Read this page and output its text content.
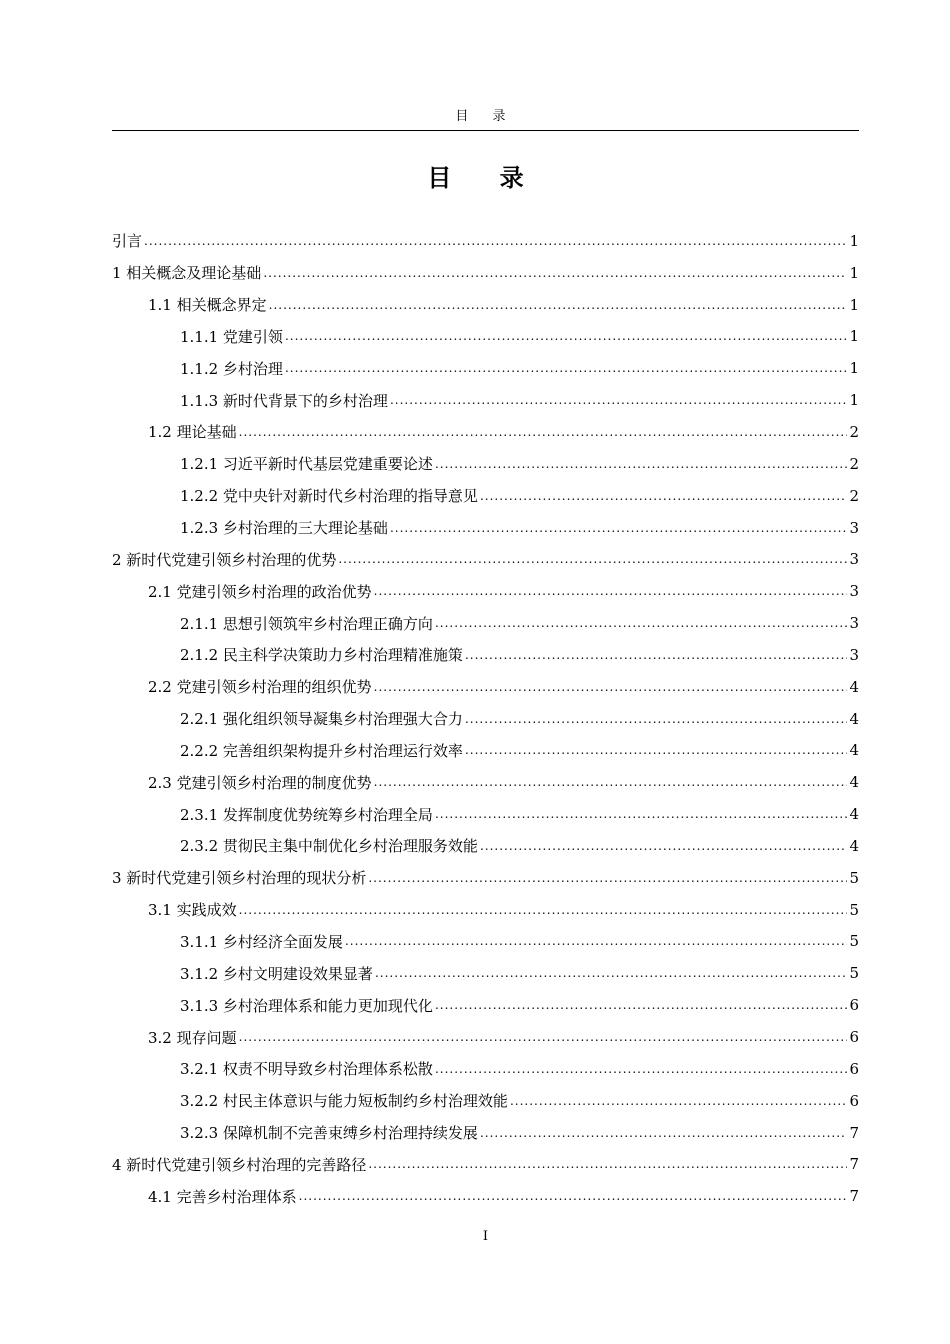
目 录
目 录
引言 .....	1
1 相关概念及理论基础 .....	1
1.1 相关概念界定 .....	1
1.1.1 党建引领 .....	1
1.1.2 乡村治理 .....	1
1.1.3 新时代背景下的乡村治理 .....	1
1.2 理论基础 .....	2
1.2.1 习近平新时代基层党建重要论述 .....	2
1.2.2 党中央针对新时代乡村治理的指导意见 .....	2
1.2.3 乡村治理的三大理论基础 .....	3
2 新时代党建引领乡村治理的优势 .....	3
2.1 党建引领乡村治理的政治优势 .....	3
2.1.1 思想引领筑牢乡村治理正确方向 .....	3
2.1.2 民主科学决策助力乡村治理精准施策 .....	3
2.2 党建引领乡村治理的组织优势 .....	4
2.2.1 强化组织领导凝集乡村治理强大合力 .....	4
2.2.2 完善组织架构提升乡村治理运行效率 .....	4
2.3 党建引领乡村治理的制度优势 .....	4
2.3.1 发挥制度优势统筹乡村治理全局 .....	4
2.3.2 贯彻民主集中制优化乡村治理服务效能 .....	4
3 新时代党建引领乡村治理的现状分析 .....	5
3.1 实践成效 .....	5
3.1.1 乡村经济全面发展 .....	5
3.1.2 乡村文明建设效果显著 .....	5
3.1.3 乡村治理体系和能力更加现代化 .....	6
3.2 现存问题 .....	6
3.2.1 权责不明导致乡村治理体系松散 .....	6
3.2.2 村民主体意识与能力短板制约乡村治理效能 .....	6
3.2.3 保障机制不完善束缚乡村治理持续发展 .....	7
4 新时代党建引领乡村治理的完善路径 .....	7
4.1 完善乡村治理体系 .....	7
I
